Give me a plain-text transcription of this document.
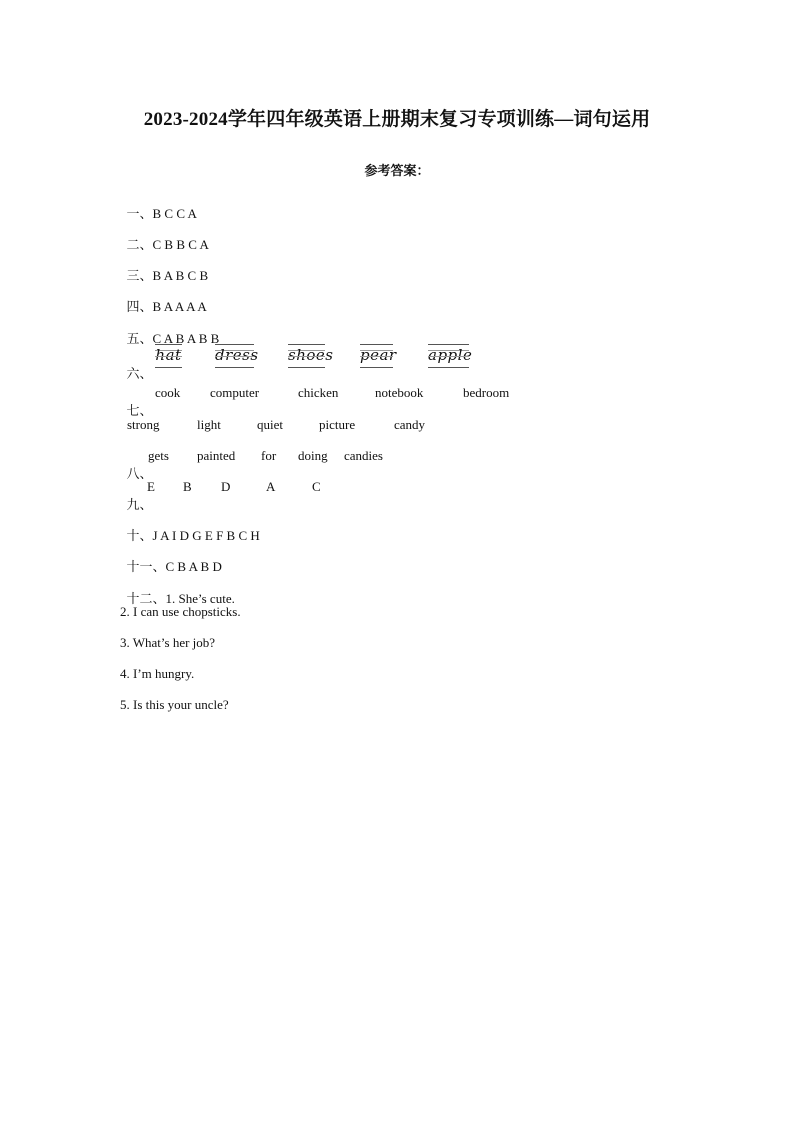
2023-2024学年四年级英语上册期末复习专项训练—词句运用
参考答案：

一、B C C A

二、C B B C A

三、B A B C B

四、B A A A A

五、C A B A B B

六、

hat dress shoes pear apple

七、

cook computer	chicken	notebook	bedroom
strong	light	quiet	picture	candy

八、

gets painted for doing candies

九、

E B D	A	C

十、J A I D G E F B C H

十一、C B A B D

十二、1. She’s cute.

2. I can use chopsticks.
3. What’s her job?
4. I’m hungry.
5. Is this your uncle?
